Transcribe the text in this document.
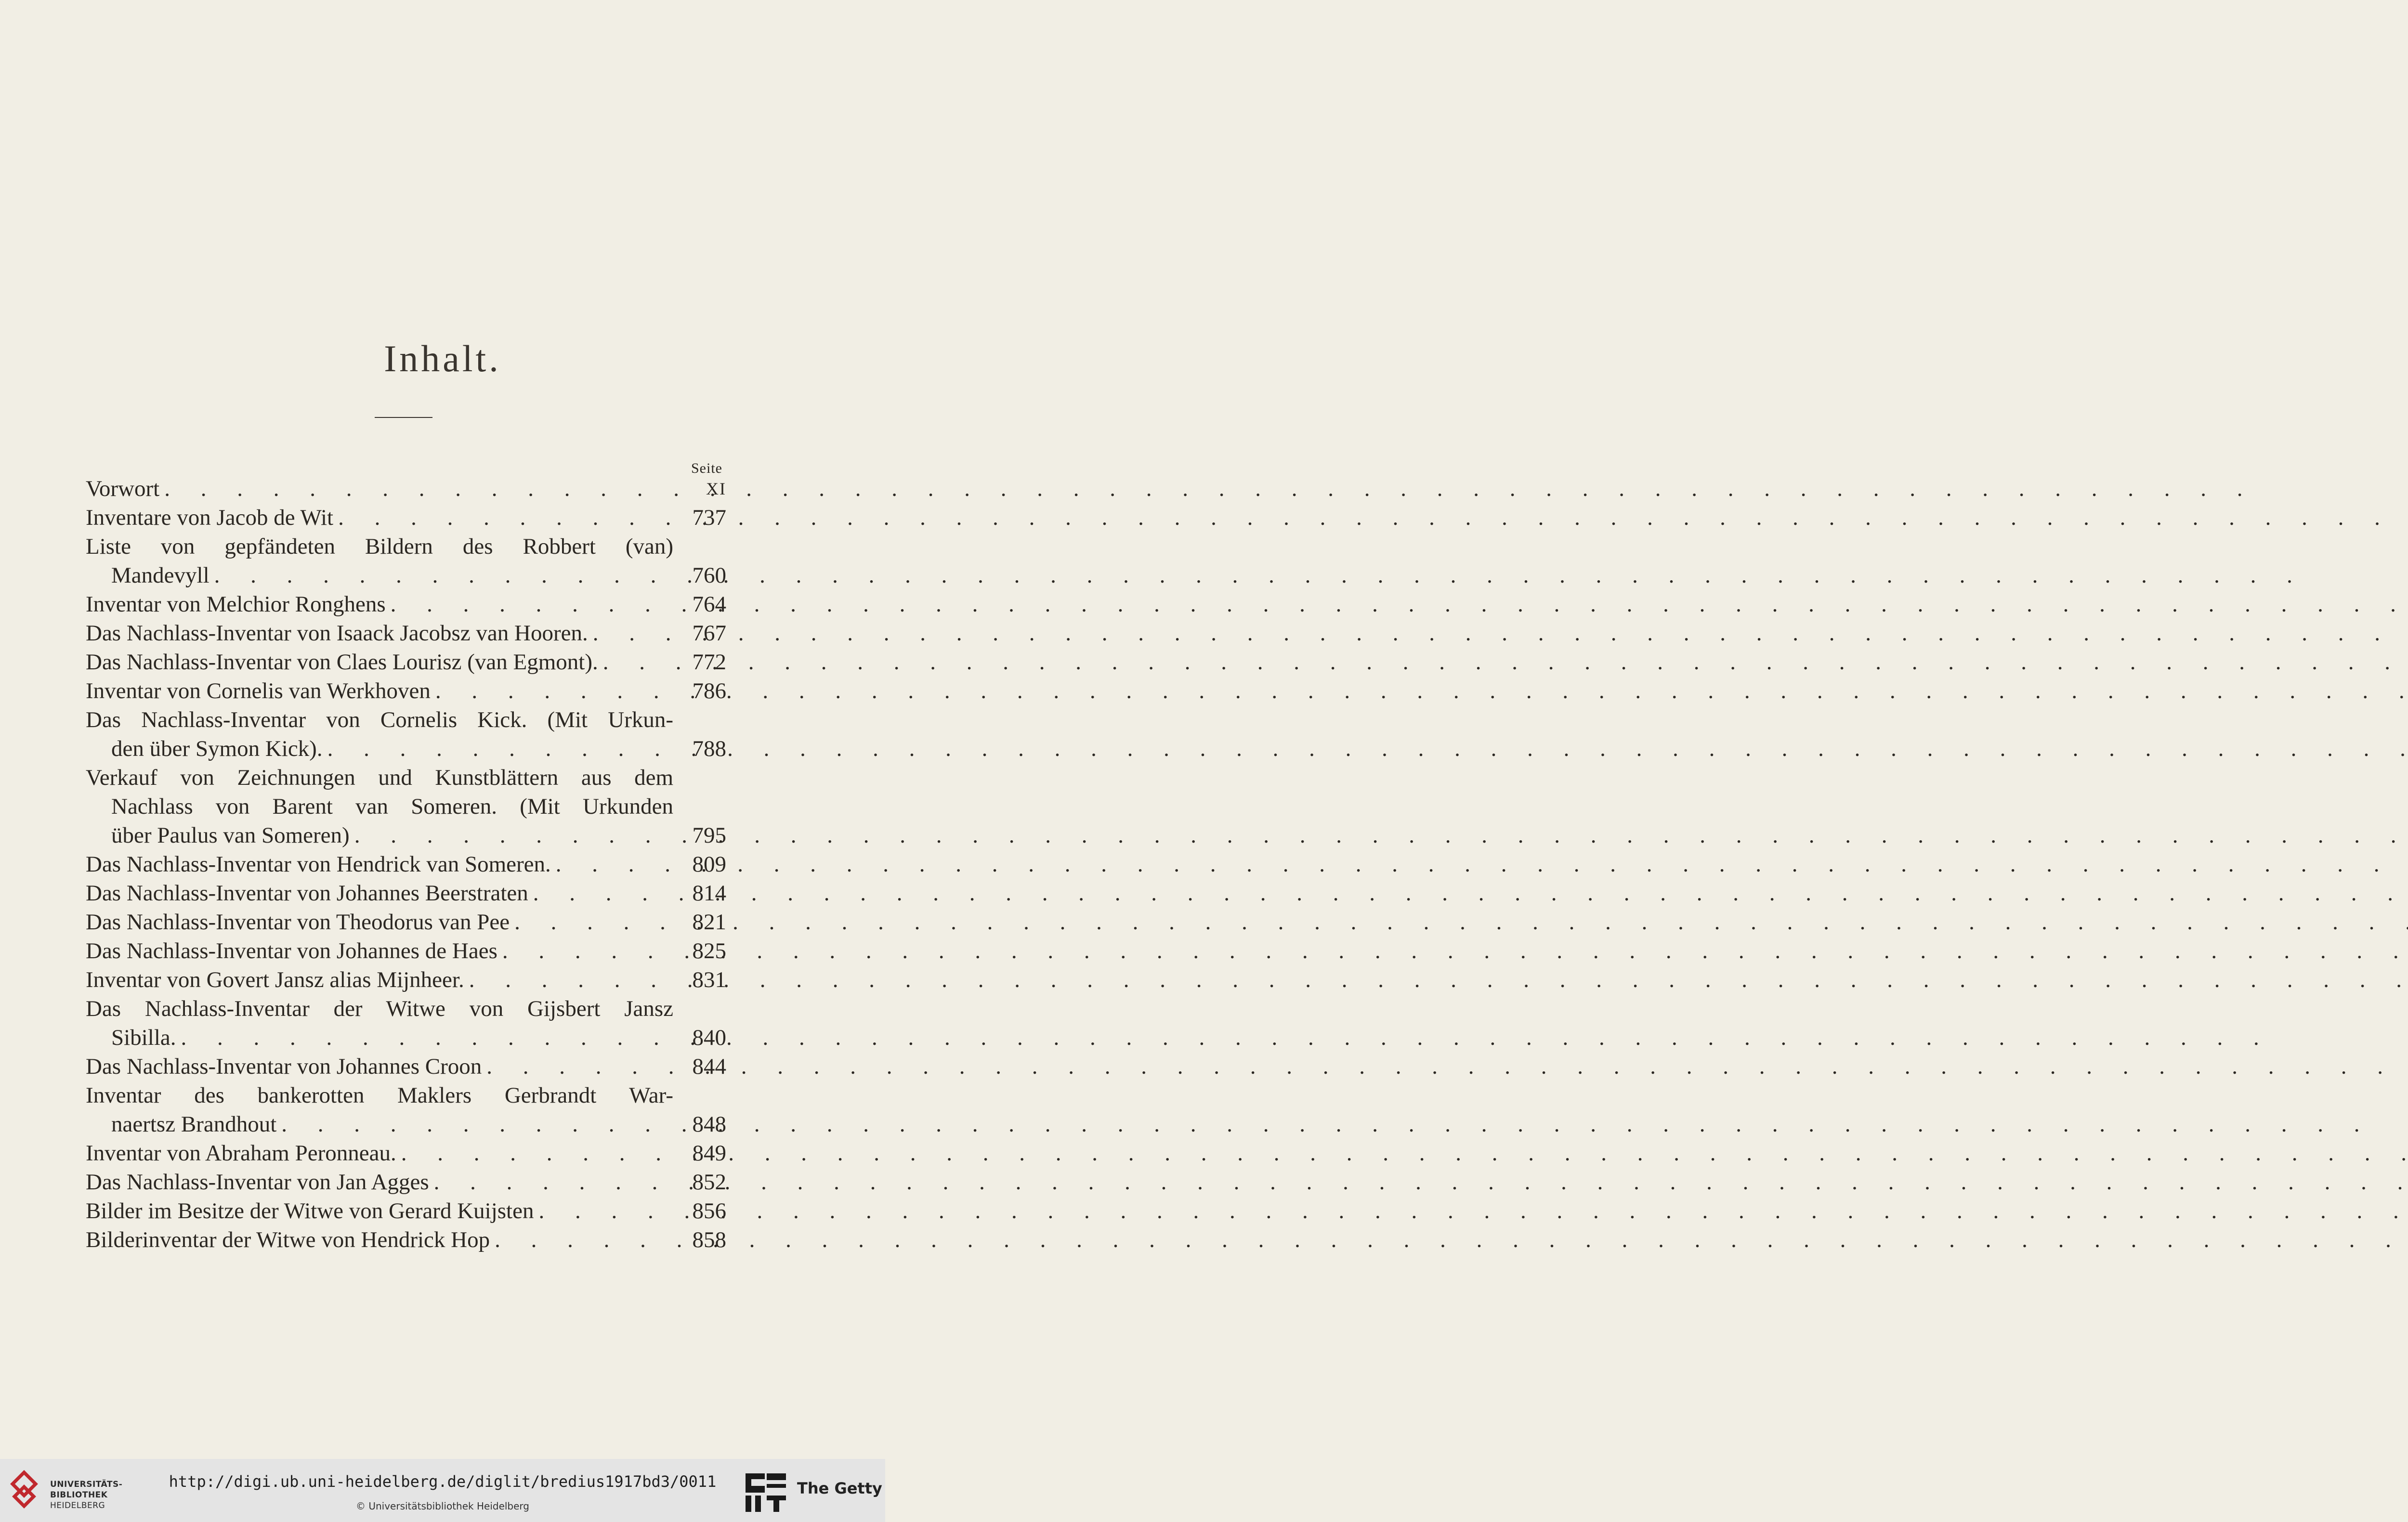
Inhalt.
Seite
Vorwort . . .	XI
Inventare von Jacob de Wit . . .	737
Liste von gepfändeten Bildern des Robbert (van)
Mandevyll . . .	760
Inventar von Melchior Ronghens . . .	764
Das Nachlass-Inventar von Isaack Jacobsz van Hooren. . . .	767
Das Nachlass-Inventar von Claes Lourisz (van Egmont). . . .	772
Inventar von Cornelis van Werkhoven . . .	786
Das Nachlass-Inventar von Cornelis Kick. (Mit Urkun-
den über Symon Kick). . . .	788
Verkauf von Zeichnungen und Kunstblättern aus dem
Nachlass von Barent van Someren. (Mit Urkunden
über Paulus van Someren) . . .	795
Das Nachlass-Inventar von Hendrick van Someren. . . .	809
Das Nachlass-Inventar von Johannes Beerstraten . . .	814
Das Nachlass-Inventar von Theodorus van Pee . . .	821
Das Nachlass-Inventar von Johannes de Haes . . .	825
Inventar von Govert Jansz alias Mijnheer. . . .	831
Das Nachlass-Inventar der Witwe von Gijsbert Jansz
Sibilla. . . .	840
Das Nachlass-Inventar von Johannes Croon . . .	844
Inventar des bankerotten Maklers Gerbrandt War-
naertsz Brandhout . . .	848
Inventar von Abraham Peronneau. . . .	849
Das Nachlass-Inventar von Jan Agges . . .	852
Bilder im Besitze der Witwe von Gerard Kuijsten . . .	856
Bilderinventar der Witwe von Hendrick Hop . . .	858
UNIVERSITÄTS-
BIBLIOTHEK
HEIDELBERG
http://digi.ub.uni-heidelberg.de/diglit/bredius1917bd3/0011
© Universitätsbibliothek Heidelberg
The Getty
